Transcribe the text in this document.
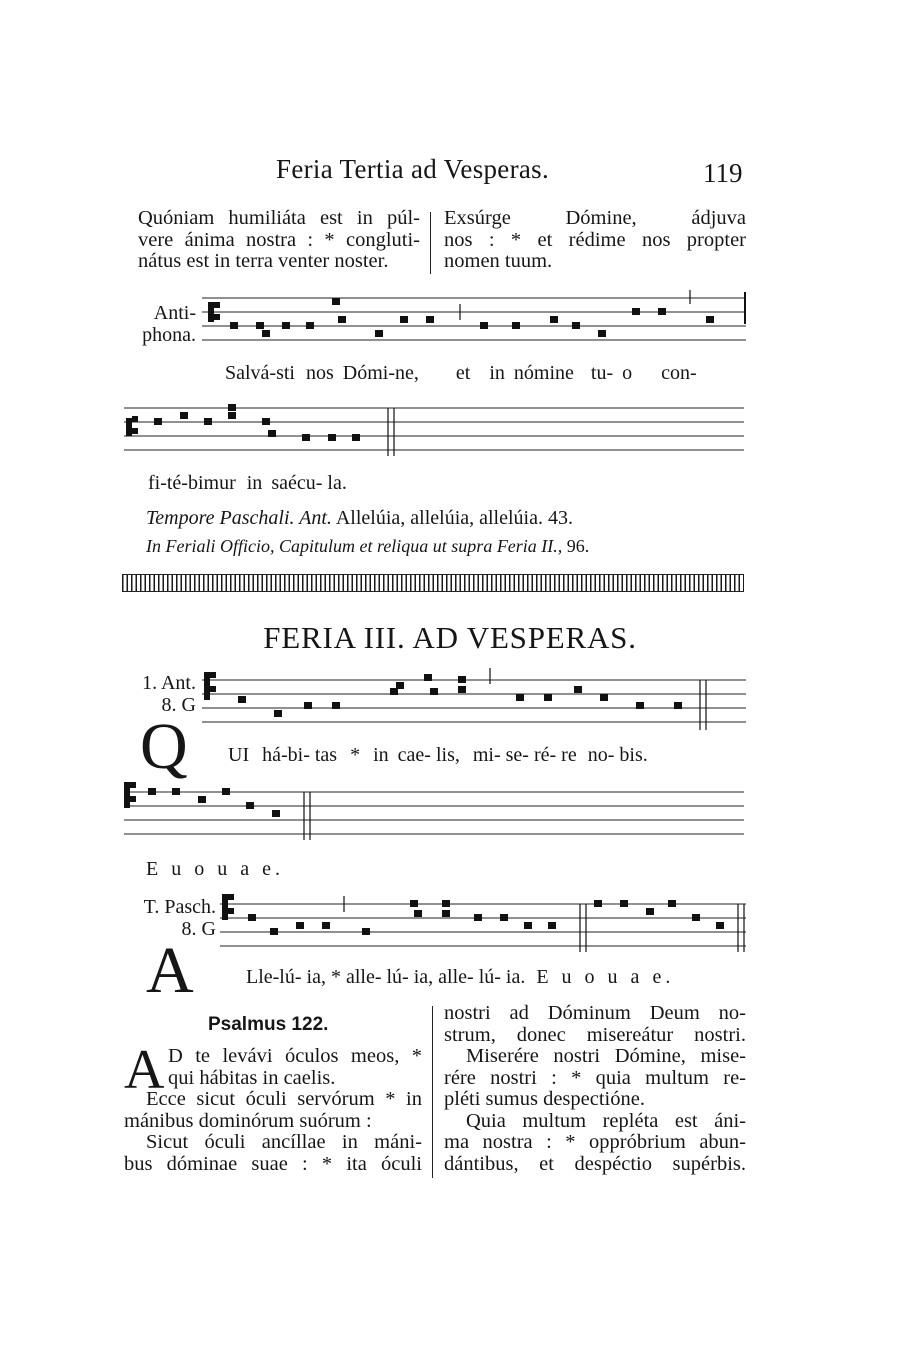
Feria Tertia ad Vesperas.	119
Quóniam humiliáta est in púl-
vere ánima nostra : * congluti-
nátus est in terra venter noster.
Exsúrge Dómine, ádjuva
nos : * et rédime nos propter
nomen tuum.
Anti-
phona.
Salvá-sti nos Dómi-ne, et in nómine tu- o con-
fi-té-bimur in saécu- la.
Tempore Paschali. Ant. Allelúia, allelúia, allelúia. 43.
In Feriali Officio, Capitulum et reliqua ut supra Feria II., 96.
FERIA III. AD VESPERAS.
1. Ant.
8. G
Q UI há-bi- tas * in cae- lis, mi- se- ré- re no- bis.
E u o u a e.
T. Pasch.
8. G
A	Lle-lú- ia, * alle- lú- ia, alle- lú- ia. E u o u a e.
Psalmus 122.
A D te levávi óculos meos, *
qui hábitas in caelis.
Ecce sicut óculi servórum * in
mánibus dominórum suórum :
Sicut óculi ancíllae in máni-
bus dóminae suae : * ita óculi
nostri ad Dóminum Deum no-
strum, donec misereátur nostri.
Miserére nostri Dómine, mise-
rére nostri : * quia multum re-
pléti sumus despectióne.
Quia multum repléta est áni-
ma nostra : * oppróbrium abun-
dántibus, et despéctio supérbis.
